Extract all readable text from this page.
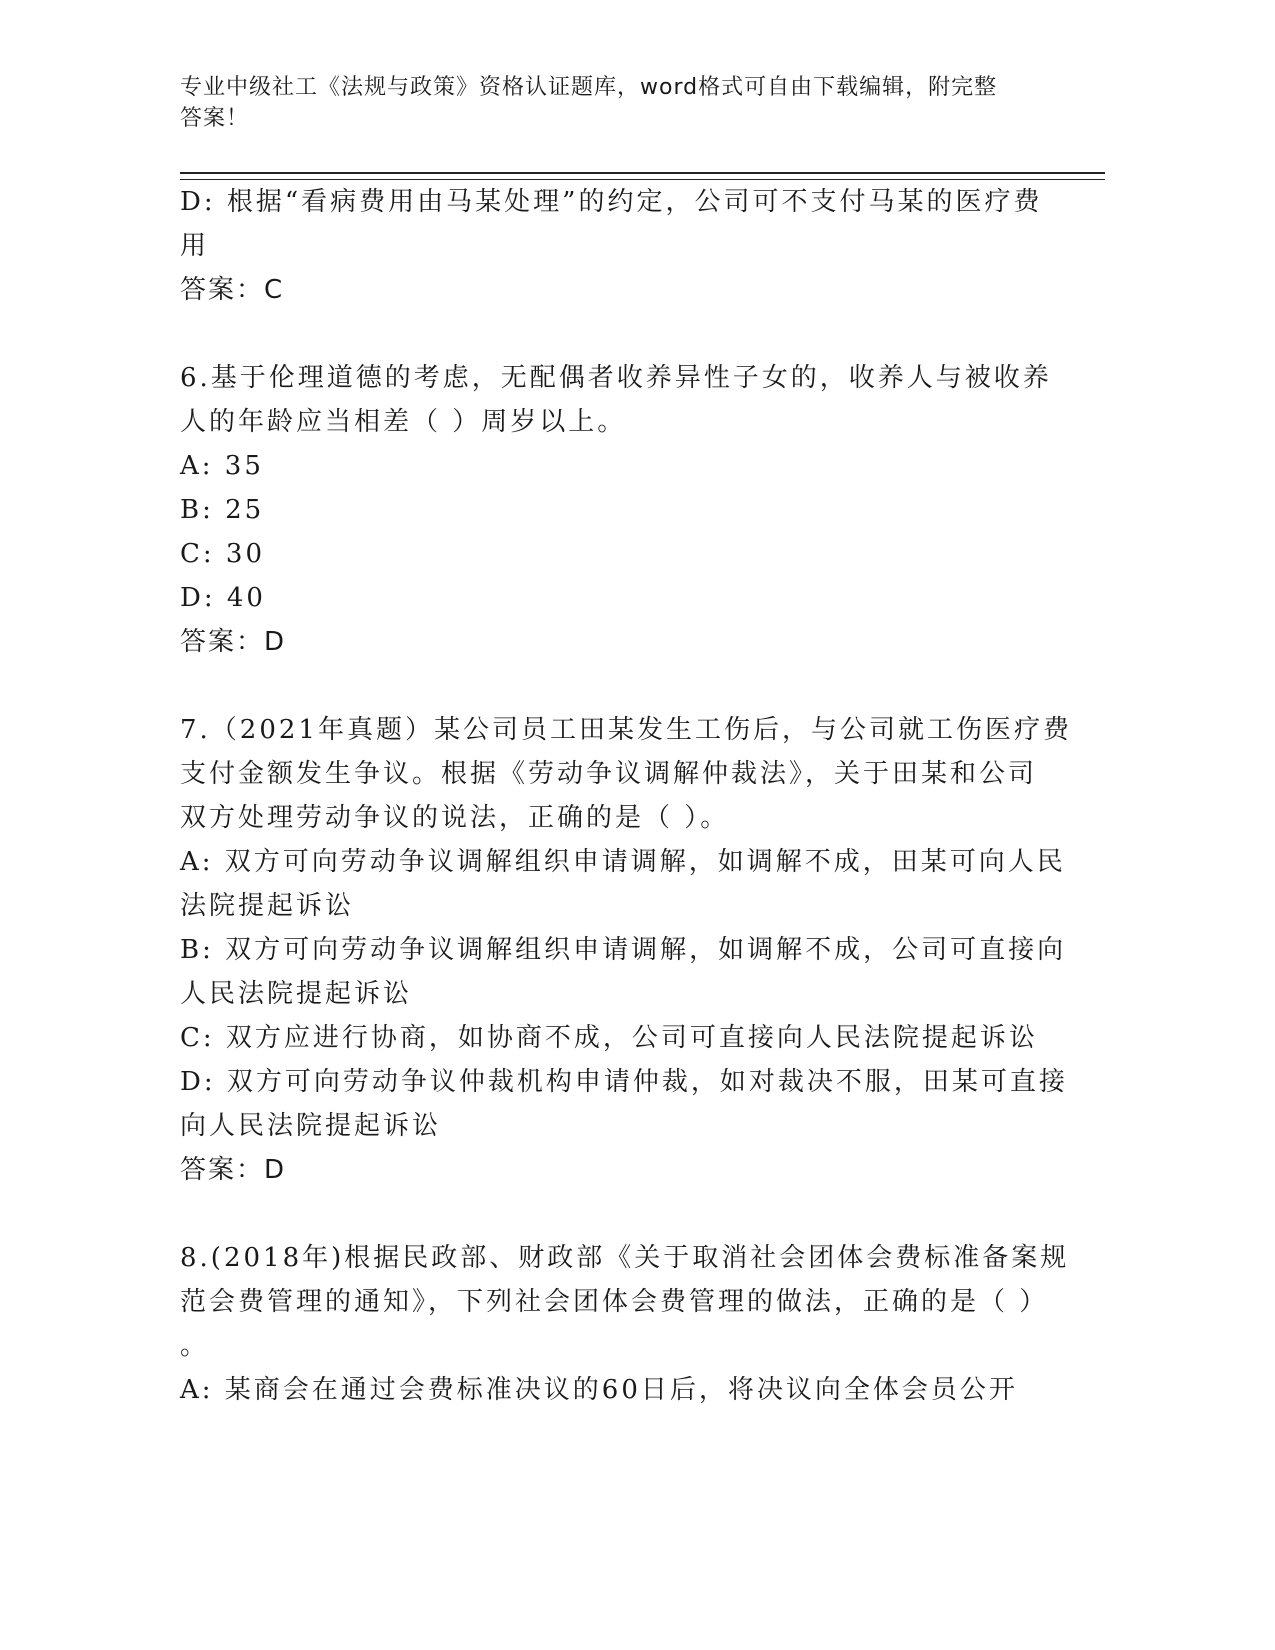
专业中级社工《法规与政策》资格认证题库，word格式可自由下载编辑，附完整
答案！
D: 根据“看病费用由马某处理”的约定，公司可不支付马某的医疗费
用
答案：C
6.基于伦理道德的考虑，无配偶者收养异性子女的，收养人与被收养
人的年龄应当相差（ ）周岁以上。
A: 35
B: 25
C: 30
D: 40
答案：D
7.（2021年真题）某公司员工田某发生工伤后，与公司就工伤医疗费
支付金额发生争议。根据《劳动争议调解仲裁法》，关于田某和公司
双方处理劳动争议的说法，正确的是（ ）。
A: 双方可向劳动争议调解组织申请调解，如调解不成，田某可向人民
法院提起诉讼
B: 双方可向劳动争议调解组织申请调解，如调解不成，公司可直接向
人民法院提起诉讼
C: 双方应进行协商，如协商不成，公司可直接向人民法院提起诉讼
D: 双方可向劳动争议仲裁机构申请仲裁，如对裁决不服，田某可直接
向人民法院提起诉讼
答案：D
8.(2018年)根据民政部、财政部《关于取消社会团体会费标准备案规
范会费管理的通知》，下列社会团体会费管理的做法，正确的是（ ）
。
A: 某商会在通过会费标准决议的60日后，将决议向全体会员公开
